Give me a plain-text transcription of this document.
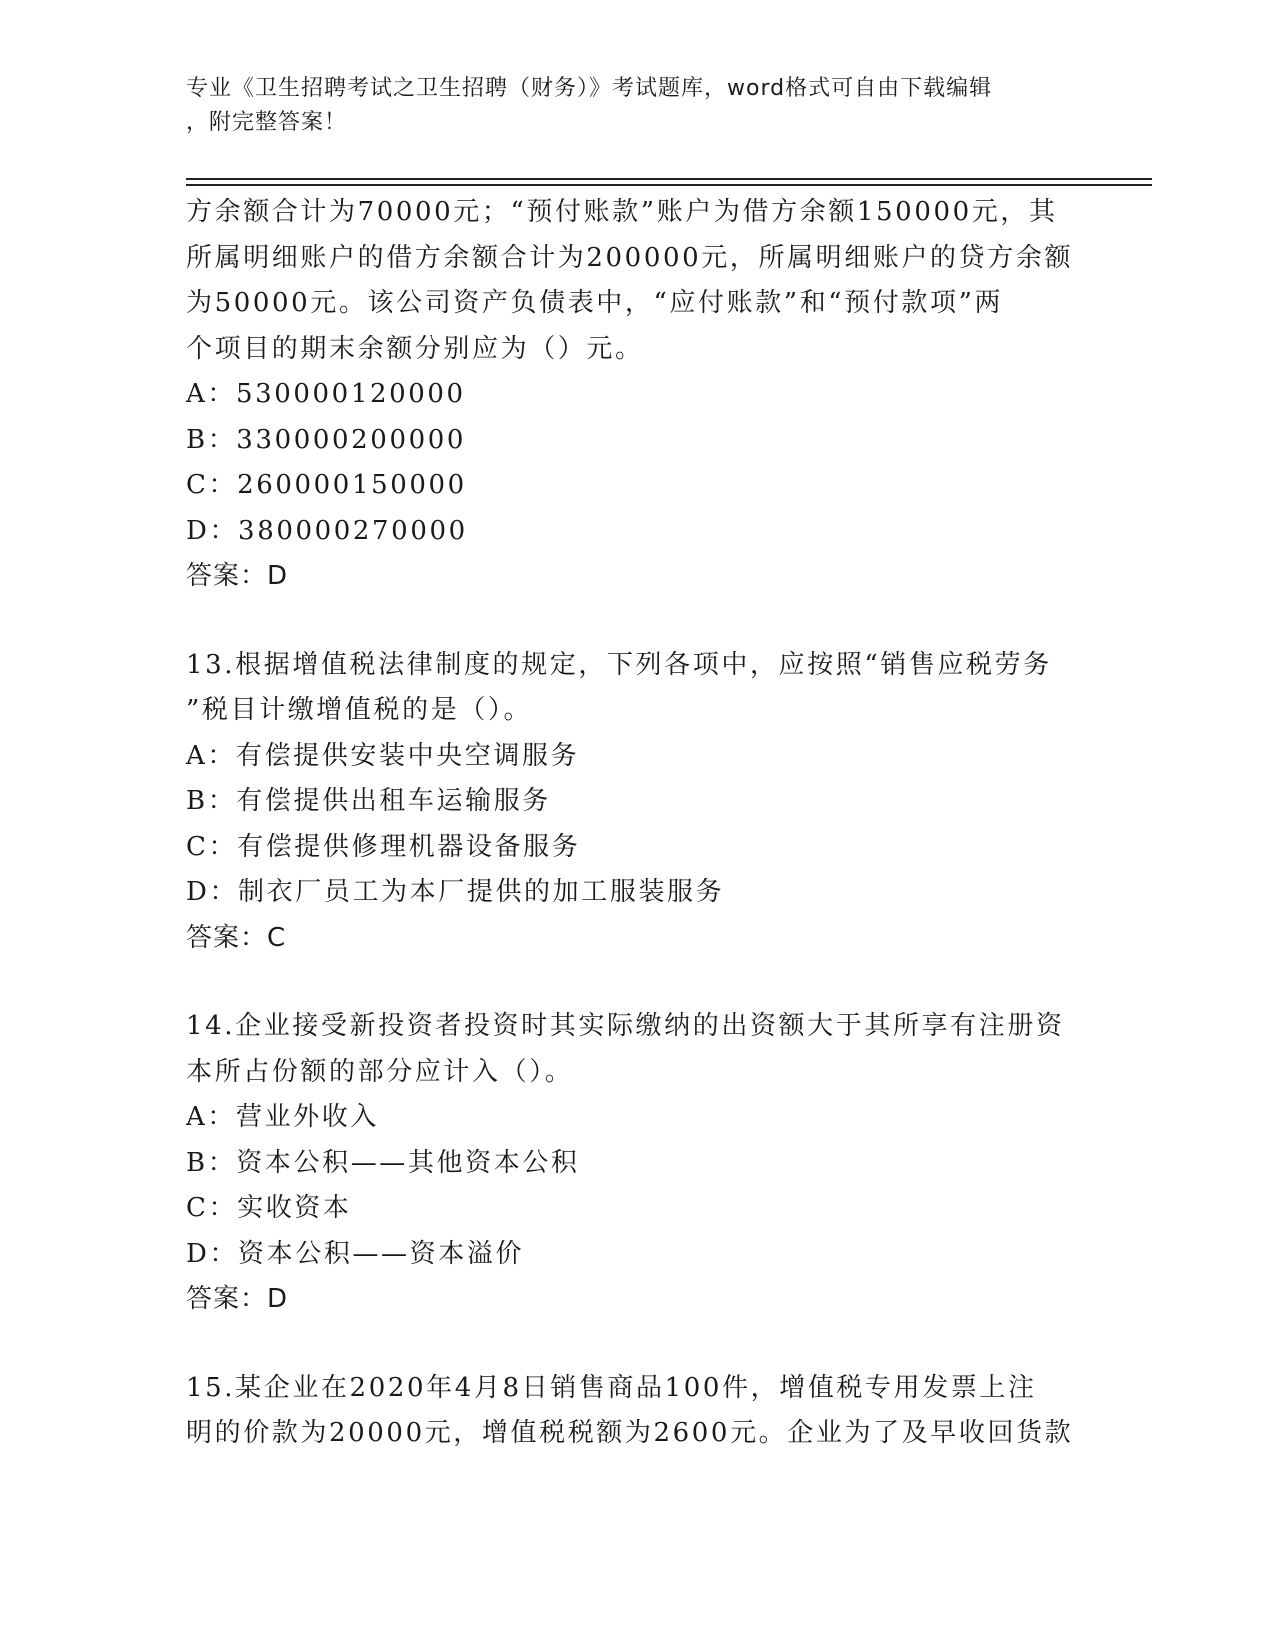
专业《卫生招聘考试之卫生招聘（财务）》考试题库，word格式可自由下载编辑
，附完整答案！
方余额合计为70000元；“预付账款”账户为借方余额150000元，其
所属明细账户的借方余额合计为200000元，所属明细账户的贷方余额
为50000元。该公司资产负债表中，“应付账款”和“预付款项”两
个项目的期末余额分别应为（）元。
A：530000120000
B：330000200000
C：260000150000
D：380000270000
答案：D
13.根据增值税法律制度的规定，下列各项中，应按照“销售应税劳务
”税目计缴增值税的是（）。
A：有偿提供安装中央空调服务
B：有偿提供出租车运输服务
C：有偿提供修理机器设备服务
D：制衣厂员工为本厂提供的加工服装服务
答案：C
14.企业接受新投资者投资时其实际缴纳的出资额大于其所享有注册资
本所占份额的部分应计入（）。
A：营业外收入
B：资本公积——其他资本公积
C：实收资本
D：资本公积——资本溢价
答案：D
15.某企业在2020年4月8日销售商品100件，增值税专用发票上注
明的价款为20000元，增值税税额为2600元。企业为了及早收回货款
